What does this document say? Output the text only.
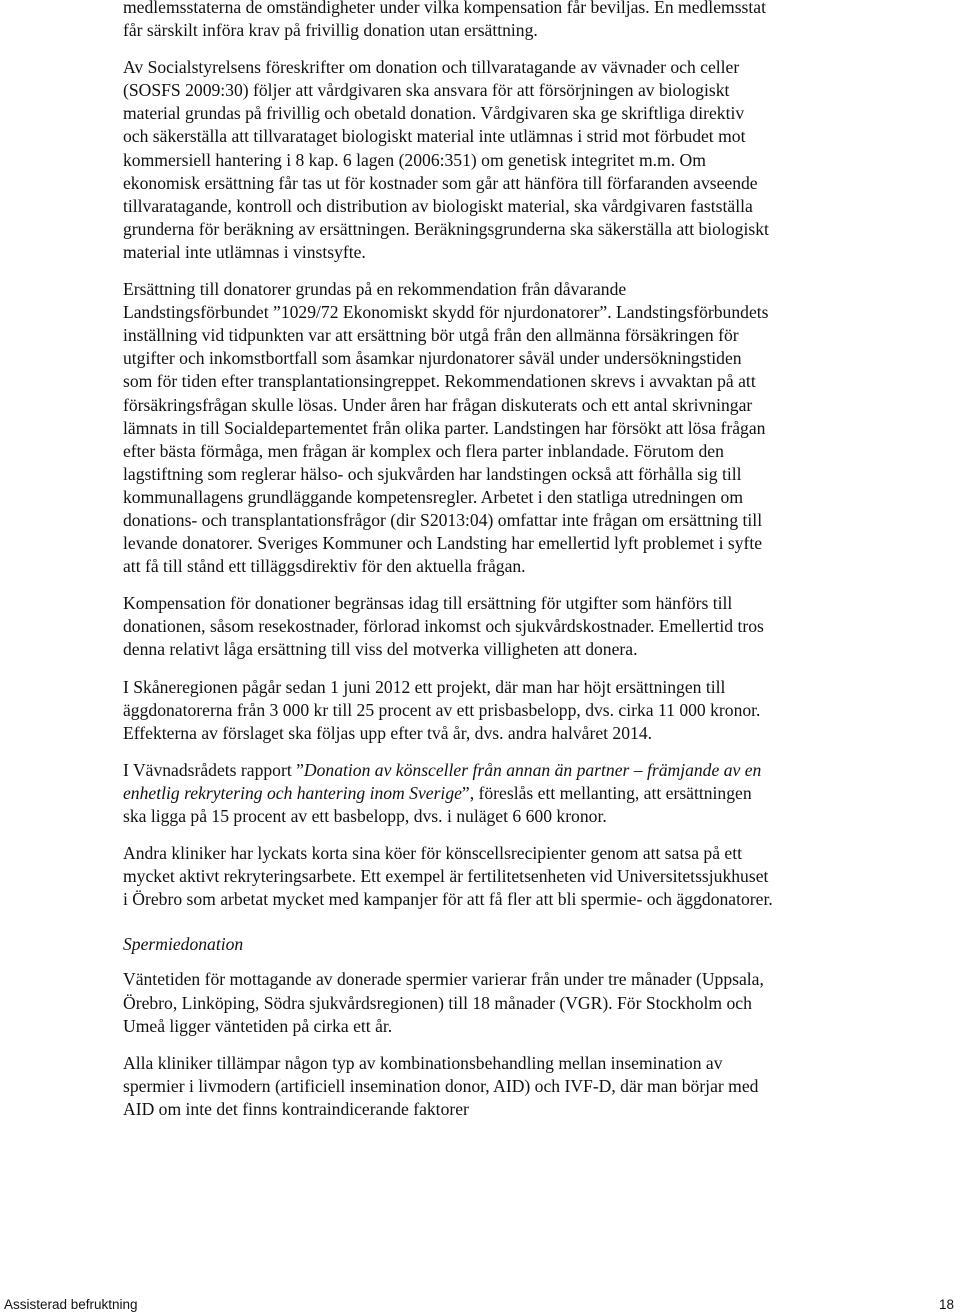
medlemsstaterna de omständigheter under vilka kompensation får beviljas. En medlemsstat får särskilt införa krav på frivillig donation utan ersättning.

Av Socialstyrelsens föreskrifter om donation och tillvaratagande av vävnader och celler (SOSFS 2009:30) följer att vårdgivaren ska ansvara för att försörjningen av biologiskt material grundas på frivillig och obetald donation. Vårdgivaren ska ge skriftliga direktiv och säkerställa att tillvarataget biologiskt material inte utlämnas i strid mot förbudet mot kommersiell hantering i 8 kap. 6 lagen (2006:351) om genetisk integritet m.m. Om ekonomisk ersättning får tas ut för kostnader som går att hänföra till förfaranden avseende tillvaratagande, kontroll och distribution av biologiskt material, ska vårdgivaren fastställa grunderna för beräkning av ersättningen. Beräkningsgrunderna ska säkerställa att biologiskt material inte utlämnas i vinstsyfte.

Ersättning till donatorer grundas på en rekommendation från dåvarande Landstingsförbundet ”1029/72 Ekonomiskt skydd för njurdonatorer”. Landstingsförbundets inställning vid tidpunkten var att ersättning bör utgå från den allmänna försäkringen för utgifter och inkomstbortfall som åsamkar njurdonatorer såväl under undersökningstiden som för tiden efter transplantationsingreppet. Rekommendationen skrevs i avvaktan på att försäkringsfrågan skulle lösas. Under åren har frågan diskuterats och ett antal skrivningar lämnats in till Socialdepartementet från olika parter. Landstingen har försökt att lösa frågan efter bästa förmåga, men frågan är komplex och flera parter inblandade. Förutom den lagstiftning som reglerar hälso- och sjukvården har landstingen också att förhålla sig till kommunallagens grundläggande kompetensregler. Arbetet i den statliga utredningen om donations- och transplantationsfrågor (dir S2013:04) omfattar inte frågan om ersättning till levande donatorer. Sveriges Kommuner och Landsting har emellertid lyft problemet i syfte att få till stånd ett tilläggsdirektiv för den aktuella frågan.

Kompensation för donationer begränsas idag till ersättning för utgifter som hänförs till donationen, såsom resekostnader, förlorad inkomst och sjukvårdskostnader. Emellertid tros denna relativt låga ersättning till viss del motverka villigheten att donera.

I Skåneregionen pågår sedan 1 juni 2012 ett projekt, där man har höjt ersättningen till äggdonatorerna från 3 000 kr till 25 procent av ett prisbasbelopp, dvs. cirka 11 000 kronor. Effekterna av förslaget ska följas upp efter två år, dvs. andra halvåret 2014.

I Vävnadsrådets rapport ”Donation av könsceller från annan än partner – främjande av en enhetlig rekrytering och hantering inom Sverige”, föreslås ett mellanting, att ersättningen ska ligga på 15 procent av ett basbelopp, dvs. i nuläget 6 600 kronor.

Andra kliniker har lyckats korta sina köer för könscellsrecipienter genom att satsa på ett mycket aktivt rekryteringsarbete. Ett exempel är fertilitetsenheten vid Universitetssjukhuset i Örebro som arbetat mycket med kampanjer för att få fler att bli spermie- och äggdonatorer.

Spermiedonation

Väntetiden för mottagande av donerade spermier varierar från under tre månader (Uppsala, Örebro, Linköping, Södra sjukvårdsregionen) till 18 månader (VGR). För Stockholm och Umeå ligger väntetiden på cirka ett år.

Alla kliniker tillämpar någon typ av kombinationsbehandling mellan insemination av spermier i livmodern (artificiell insemination donor, AID) och IVF-D, där man börjar med AID om inte det finns kontraindicerande faktorer

Assisterad befruktning	18
